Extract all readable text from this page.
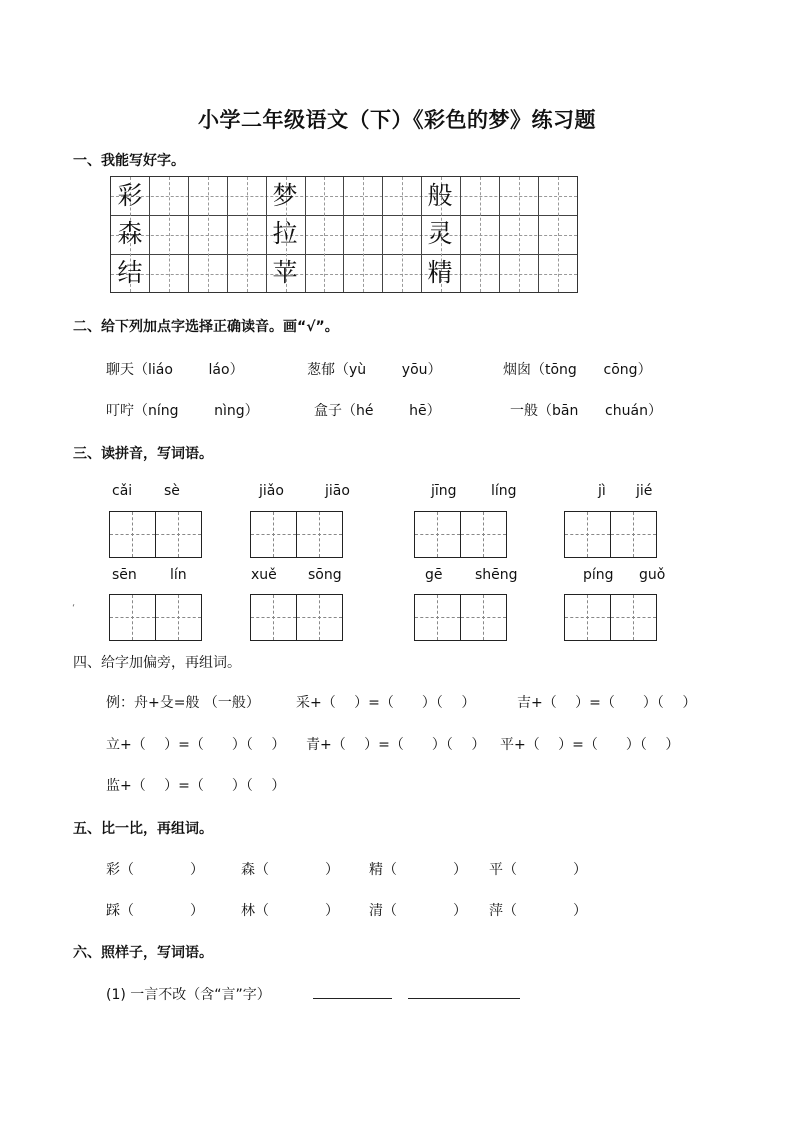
小学二年级语文（下）《彩色的梦》练习题
一、我能写好字。
彩	梦	般
森	拉	灵
结	苹	精
二、给下列加点字选择正确读音。画“√”。
聊天（liáo	láo）	葱郁（yù	yōu）	烟囱（tōng cōng）
叮咛（níng	nìng）	盒子（hé	hē）	一般（bān chuán）
三、读拼音，写词语。
cǎi sè	jiǎo	jiāo	jīng líng	jì jié
sēn lín	xuě sōng	gē shēng	píng guǒ
‘
四、给字加偏旁，再组词。
例：舟+殳=般 （一般）	采+（　 ）=（　　）（　 ）	吉+（　 ）=（　　）（　 ）
立+（　 ）=（　　）（　 ） 青+（　 ）=（　　）（　 ） 平+（　 ）=（　　）（　 ）
监+（　 ）=（　　）（　 ）
五、比一比，再组词。
彩（　　　　）	森（　　　　） 精（　　　　） 平（　　　　）
踩（　　　　）	林（　　　　） 清（　　　　） 萍（　　　　）
六、照样子，写词语。
(1) 一言不改（含“言”字）
